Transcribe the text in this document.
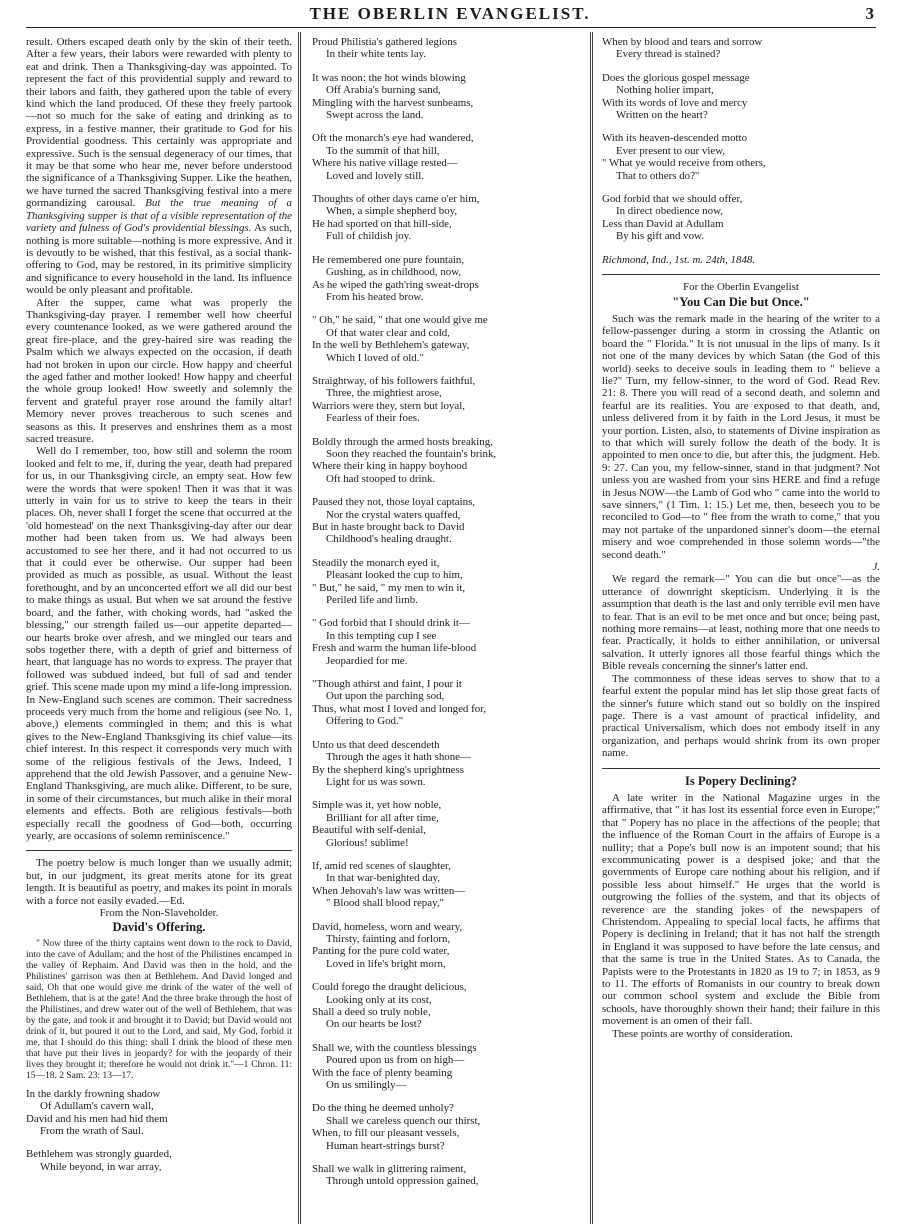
THE OBERLIN EVANGELIST.	3

result. Others escaped death only by the skin of their teeth. After a few years, their labors were rewarded with plenty to eat and drink. Then a Thanksgiving-day was appointed. To represent the fact of this providential supply and reward to their labors and faith, they gathered upon the table of every kind which the land produced. Of these they freely partook—not so much for the sake of eating and drinking as to express, in a festive manner, their gratitude to God for his Providential goodness. This certainly was appropriate and expressive. Such is the sensual degeneracy of our times, that it may be that some who hear me, never before understood the significance of a Thanksgiving Supper. Like the heathen, we have turned the sacred Thanksgiving festival into a mere gormandizing carousal. But the true meaning of a Thanksgiving supper is that of a visible representation of the variety and fulness of God's providential blessings. As such, nothing is more suitable—nothing is more expressive. And it is devoutly to be wished, that this festival, as a social thank-offering to God, may be restored, in its primitive simplicity and significance to every household in the land. Its influence would be only pleasant and profitable.

After the supper, came what was properly the Thanksgiving-day prayer. I remember well how cheerful every countenance looked, as we were gathered around the great fire-place, and the grey-haired sire was reading the Psalm which we always expected on the occasion, if death had not broken in upon our circle. How happy and cheerful the aged father and mother looked! How happy and cheerful the whole group looked! How sweetly and solemnly the fervent and grateful prayer rose around the family altar! Memory never proves treacherous to such scenes and seasons as this. It preserves and enshrines them as a most sacred treasure.

Well do I remember, too, how still and solemn the room looked and felt to me, if, during the year, death had prepared for us, in our Thanksgiving circle, an empty seat. How few were the words that were spoken! Then it was that it was utterly in vain for us to strive to keep the tears in their places. Oh, never shall I forget the scene that occurred at the 'old homestead' on the next Thanksgiving-day after our dear mother had been taken from us. We had always been accustomed to see her there, and it had not occurred to us that it could ever be otherwise. Our supper had been provided as much as possible, as usual. Without the least forethought, and by an unconcerted effort we all did our best to make things as usual. But when we sat around the festive board, and the father, with choking words, had "asked the blessing," our strength failed us—our appetite departed—our hearts broke over afresh, and we mingled our tears and sobs together there, with a depth of grief and bitterness of heart, that language has no words to express. The prayer that followed was subdued indeed, but full of sad and tender grief. This scene made upon my mind a life-long impression. In New-England such scenes are common. Their sacredness proceeds very much from the home and religious (see No. 1, above,) elements commingled in them; and this is what gives to the New-England Thanksgiving its chief value—its chief interest. In this respect it corresponds very much with some of the religious festivals of the Jews. Indeed, I apprehend that the old Jewish Passover, and a genuine New-England Thanksgiving, are much alike. Different, to be sure, in some of their circumstances, but much alike in their moral elements and effects. Both are religious festivals—both especially recall the goodness of God—both, occurring yearly, are occasions of solemn reminiscence."

The poetry below is much longer than we usually admit; but, in our judgment, its great merits atone for its great length. It is beautiful as poetry, and makes its point in morals with a force not easily evaded.—Ed.

From the Non-Slaveholder.

David's Offering.

" Now three of the thirty captains went down to the rock to David, into the cave of Adullam; and the host of the Philistines encamped in the valley of Rephaim. And David was then in the hold, and the Philistines' garrison was then at Bethlehem. And David longed and said, Oh that one would give me drink of the water of the well of Bethlehem, that is at the gate! And the three brake through the host of the Philistines, and drew water out of the well of Bethlehem, that was by the gate, and took it and brought it to David; but David would not drink of it, but poured it out to the Lord, and said, My God, forbid it me, that I should do this thing: shall I drink the blood of these men that have put their lives in jeopardy? for with the jeopardy of their lives they brought it; therefore he would not drink it."—1 Chron. 11: 15—18. 2 Sam. 23: 13—17.

In the darkly frowning shadow
Of Adullam's cavern wall,
David and his men had hid them
From the wrath of Saul.
Bethlehem was strongly guarded,
While beyond, in war array,
Proud Philistia's gathered legions
In their white tents lay.
It was noon: the hot winds blowing
Off Arabia's burning sand,
Mingling with the harvest sunbeams,
Swept across the land.
Oft the monarch's eye had wandered,
To the summit of that hill,
Where his native village rested—
Loved and lovely still.
Thoughts of other days came o'er him,
When, a simple shepherd boy,
He had sported on that hill-side,
Full of childish joy.
He remembered one pure fountain,
Gushing, as in childhood, now,
As he wiped the gath'ring sweat-drops
From his heated brow.
" Oh," he said, " that one would give me
Of that water clear and cold,
In the well by Bethlehem's gateway,
Which I loved of old."
Straightway, of his followers faithful,
Three, the mightiest arose,
Warriors were they, stern but loyal,
Fearless of their foes.
Boldly through the armed hosts breaking,
Soon they reached the fountain's brink,
Where their king in happy boyhood
Oft had stooped to drink.
Paused they not, those loyal captains,
Nor the crystal waters quaffed,
But in haste brought back to David
Childhood's healing draught.
Steadily the monarch eyed it,
Pleasant looked the cup to him,
" But," he said, " my men to win it,
Periled life and limb.
" God forbid that I should drink it—
In this tempting cup I see
Fresh and warm the human life-blood
Jeopardied for me.
"Though athirst and faint, I pour it
Out upon the parching sod,
Thus, what most I loved and longed for,
Offering to God."
Unto us that deed descendeth
Through the ages it hath shone—
By the shepherd king's uprightness
Light for us was sown.
Simple was it, yet how noble,
Brilliant for all after time,
Beautiful with self-denial,
Glorious! sublime!
If, amid red scenes of slaughter,
In that war-benighted day,
When Jehovah's law was written—
" Blood shall blood repay,"
David, homeless, worn and weary,
Thirsty, fainting and forlorn,
Panting for the pure cold water,
Loved in life's bright morn,
Could forego the draught delicious,
Looking only at its cost,
Shall a deed so truly noble,
On our hearts be lost?
Shall we, with the countless blessings
Poured upon us from on high—
With the face of plenty beaming
On us smilingly—
Do the thing he deemed unholy?
Shall we careless quench our thirst,
When, to fill our pleasant vessels,
Human heart-strings burst?
Shall we walk in glittering raiment,
Through untold oppression gained,
When by blood and tears and sorrow
Every thread is stained?
Does the glorious gospel message
Nothing holier impart,
With its words of love and mercy
Written on the heart?
With its heaven-descended motto
Ever present to our view,
" What ye would receive from others,
That to others do?"
God forbid that we should offer,
In direct obedience now,
Less than David at Adullam
By his gift and vow.
Richmond, Ind., 1st. m. 24th, 1848.

For the Oberlin Evangelist

"You Can Die but Once."

Such was the remark made in the hearing of the writer to a fellow-passenger during a storm in crossing the Atlantic on board the " Florida." It is not unusual in the lips of many. Is it not one of the many devices by which Satan (the God of this world) seeks to deceive souls in leading them to " believe a lie?" Turn, my fellow-sinner, to the word of God. Read Rev. 21: 8. There you will read of a second death, and solemn and fearful are its realities. You are exposed to that death, and, unless delivered from it by faith in the Lord Jesus, it must be your portion. Listen, also, to statements of Divine inspiration as to that which will surely follow the death of the body. It is appointed to men once to die, but after this, the judgment. Heb. 9: 27. Can you, my fellow-sinner, stand in that judgment? Not unless you are washed from your sins HERE and find a refuge in Jesus NOW—the Lamb of God who " came into the world to save sinners," (1 Tim. 1: 15.) Let me, then, beseech you to be reconciled to God—to " flee from the wrath to come," that you may not partake of the unpardoned sinner's doom—the eternal misery and woe comprehended in those solemn words—"the second death."

J.

We regard the remark—" You can die but once"—as the utterance of downright skepticism. Underlying it is the assumption that death is the last and only terrible evil men have to fear. That is an evil to be met once and but once; being past, nothing more remains—at least, nothing more that one needs to fear. Practically, it holds to either annihilation, or universal salvation. It utterly ignores all those fearful things which the Bible reveals concerning the sinner's latter end.

The commonness of these ideas serves to show that to a fearful extent the popular mind has let slip those great facts of the sinner's future which stand out so boldly on the inspired page. There is a vast amount of practical infidelity, and practical Universalism, which does not embody itself in any organization, and perhaps would shrink from its own proper name.

Is Popery Declining?

A late writer in the National Magazine urges in the affirmative, that " it has lost its essential force even in Europe;" that " Popery has no place in the affections of the people; that the influence of the Roman Court in the affairs of Europe is a nullity; that a Pope's bull now is an impotent sound; that his excommunicating power is a despised joke; and that the governments of Europe care nothing about his religion, and if possible less about himself." He urges that the world is outgrowing the follies of the system, and that its objects of reverence are the standing jokes of the newspapers of Christendom. Appealing to special local facts, he affirms that Popery is declining in Ireland; that it has not half the strength in England it was supposed to have before the late census, and that the same is true in the United States. As to Canada, the Papists were to the Protestants in 1820 as 19 to 7; in 1853, as 9 to 11. The efforts of Romanists in our country to break down our common school system and exclude the Bible from schools, have thoroughly shown their hand; their failure in this movement is an omen of their fall.

These points are worthy of consideration.
